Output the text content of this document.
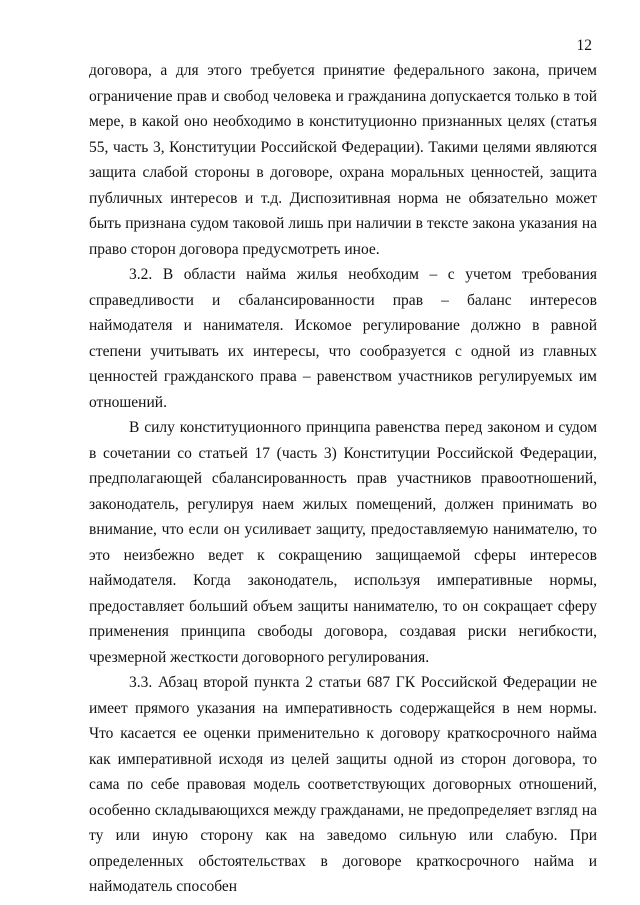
12

договора, а для этого требуется принятие федерального закона, причем ограничение прав и свобод человека и гражданина допускается только в той мере, в какой оно необходимо в конституционно признанных целях (статья 55, часть 3, Конституции Российской Федерации). Такими целями являются защита слабой стороны в договоре, охрана моральных ценностей, защита публичных интересов и т.д. Диспозитивная норма не обязательно может быть признана судом таковой лишь при наличии в тексте закона указания на право сторон договора предусмотреть иное.

3.2. В области найма жилья необходим – с учетом требования справедливости и сбалансированности прав – баланс интересов наймодателя и нанимателя. Искомое регулирование должно в равной степени учитывать их интересы, что сообразуется с одной из главных ценностей гражданского права – равенством участников регулируемых им отношений.

В силу конституционного принципа равенства перед законом и судом в сочетании со статьей 17 (часть 3) Конституции Российской Федерации, предполагающей сбалансированность прав участников правоотношений, законодатель, регулируя наем жилых помещений, должен принимать во внимание, что если он усиливает защиту, предоставляемую нанимателю, то это неизбежно ведет к сокращению защищаемой сферы интересов наймодателя. Когда законодатель, используя императивные нормы, предоставляет больший объем защиты нанимателю, то он сокращает сферу применения принципа свободы договора, создавая риски негибкости, чрезмерной жесткости договорного регулирования.

3.3. Абзац второй пункта 2 статьи 687 ГК Российской Федерации не имеет прямого указания на императивность содержащейся в нем нормы. Что касается ее оценки применительно к договору краткосрочного найма как императивной исходя из целей защиты одной из сторон договора, то сама по себе правовая модель соответствующих договорных отношений, особенно складывающихся между гражданами, не предопределяет взгляд на ту или иную сторону как на заведомо сильную или слабую. При определенных обстоятельствах в договоре краткосрочного найма и наймодатель способен
